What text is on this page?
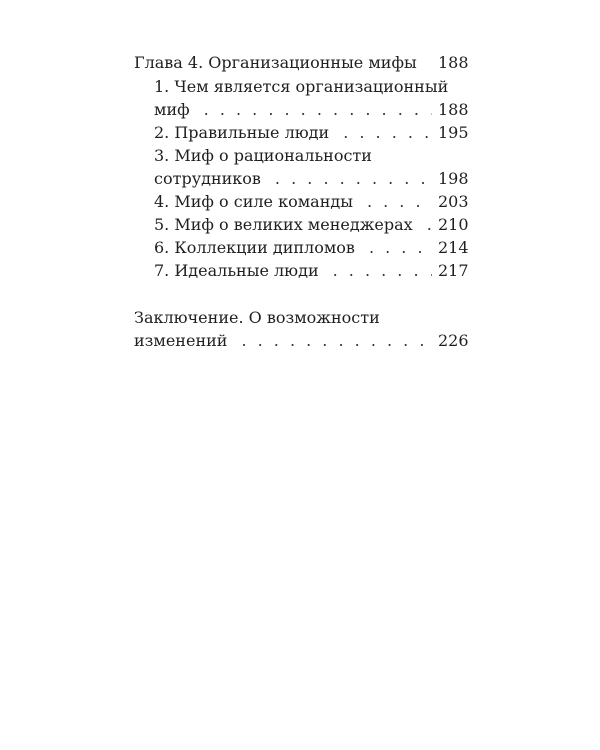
Глава 4. Организационные мифы . . . 188
1. Чем является организационный
миф . . .	188
2. Правильные люди . . .	195
3. Миф о рациональности
сотрудников . . .	198
4. Миф о силе команды . . .	203
5. Миф о великих менеджерах . . . 210
6. Коллекции дипломов . . .	214
7. Идеальные люди . . .	217
Заключение. О возможности
изменений . . .	226
